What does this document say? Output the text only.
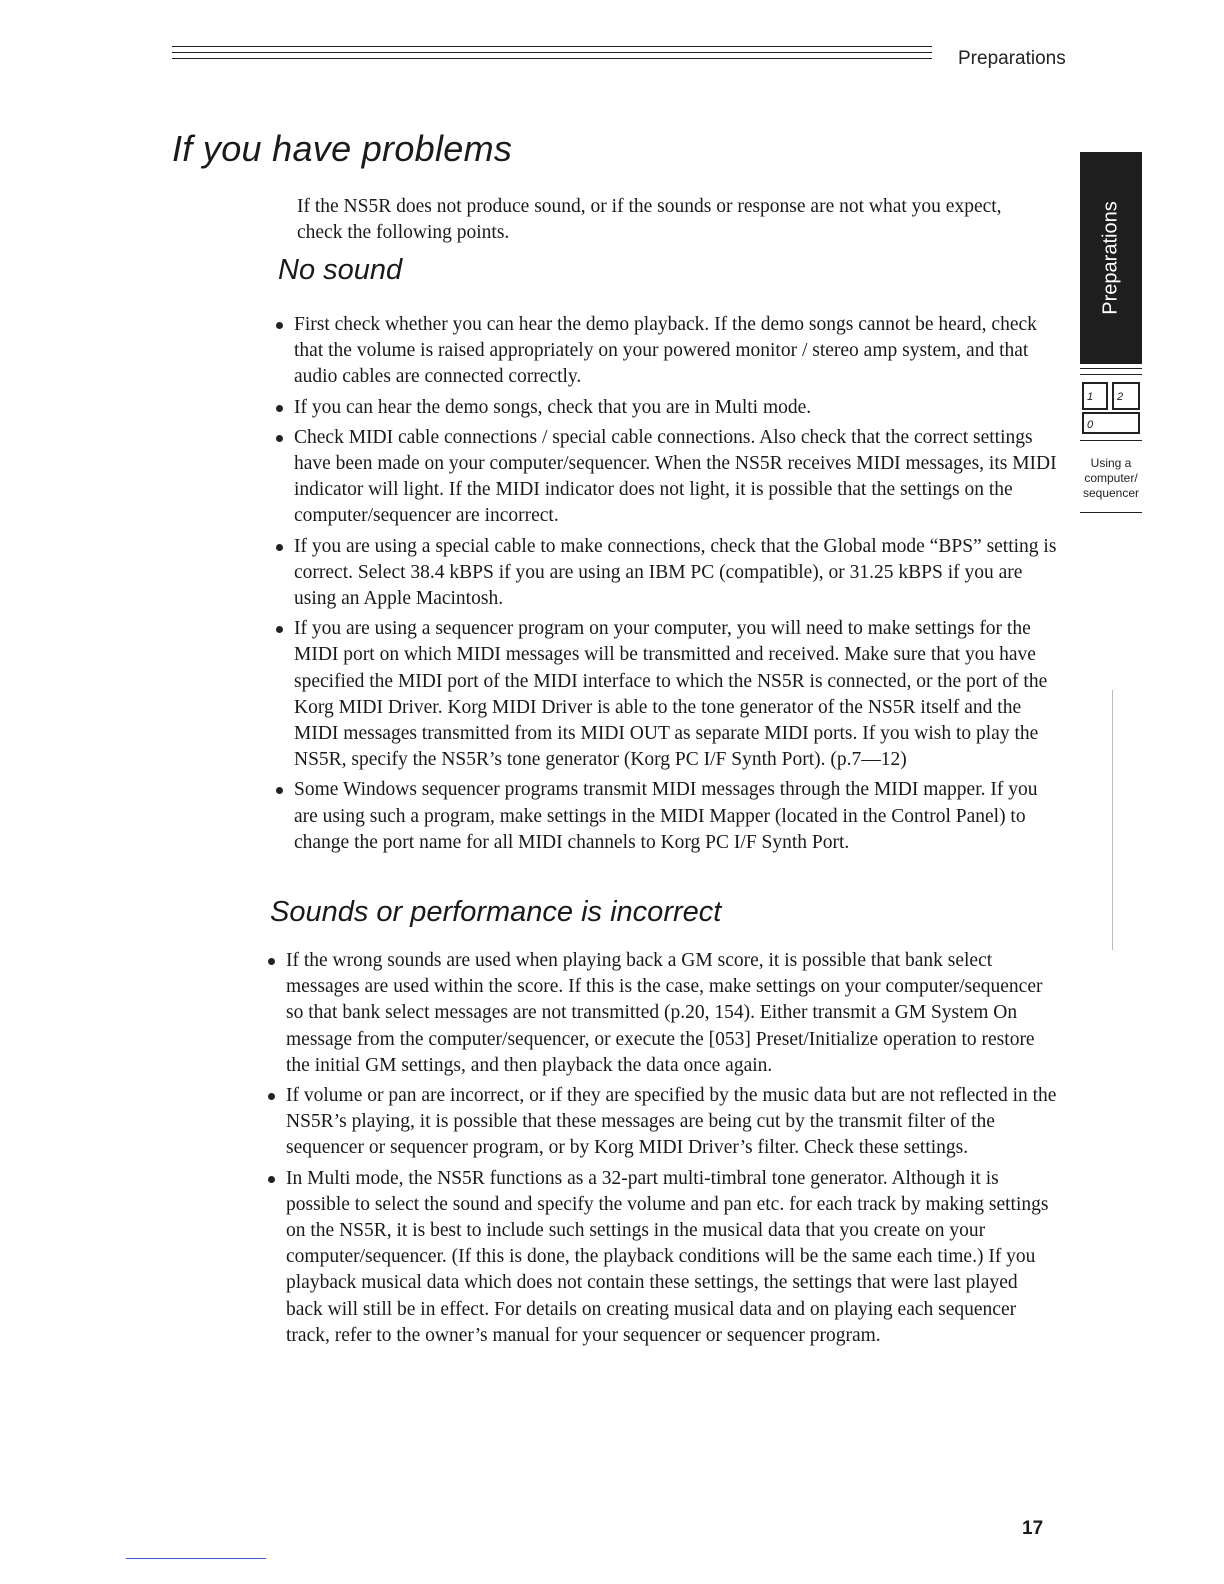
Preparations
If you have problems

If the NS5R does not produce sound, or if the sounds or response are not what you expect, check the following points.

No sound
First check whether you can hear the demo playback. If the demo songs cannot be heard, check that the volume is raised appropriately on your powered monitor / stereo amp system, and that audio cables are connected correctly.
If you can hear the demo songs, check that you are in Multi mode.
Check MIDI cable connections / special cable connections. Also check that the correct settings have been made on your computer/sequencer. When the NS5R receives MIDI messages, its MIDI indicator will light. If the MIDI indicator does not light, it is possible that the settings on the computer/sequencer are incorrect.
If you are using a special cable to make connections, check that the Global mode “BPS” setting is correct. Select 38.4 kBPS if you are using an IBM PC (compatible), or 31.25 kBPS if you are using an Apple Macintosh.
If you are using a sequencer program on your computer, you will need to make settings for the MIDI port on which MIDI messages will be transmitted and received. Make sure that you have specified the MIDI port of the MIDI interface to which the NS5R is connected, or the port of the Korg MIDI Driver. Korg MIDI Driver is able to the tone generator of the NS5R itself and the MIDI messages transmitted from its MIDI OUT as separate MIDI ports. If you wish to play the NS5R, specify the NS5R’s tone generator (Korg PC I/F Synth Port). (p.7—12)
Some Windows sequencer programs transmit MIDI messages through the MIDI mapper. If you are using such a program, make settings in the MIDI Mapper (located in the Control Panel) to change the port name for all MIDI channels to Korg PC I/F Synth Port.
Sounds or performance is incorrect
If the wrong sounds are used when playing back a GM score, it is possible that bank select messages are used within the score. If this is the case, make settings on your computer/sequencer so that bank select messages are not transmitted (p.20, 154). Either transmit a GM System On message from the computer/sequencer, or execute the [053] Preset/Initialize operation to restore the initial GM settings, and then playback the data once again.
If volume or pan are incorrect, or if they are specified by the music data but are not reflected in the NS5R’s playing, it is possible that these messages are being cut by the transmit filter of the sequencer or sequencer program, or by Korg MIDI Driver’s filter. Check these settings.
In Multi mode, the NS5R functions as a 32-part multi-timbral tone generator. Although it is possible to select the sound and specify the volume and pan etc. for each track by making settings on the NS5R, it is best to include such settings in the musical data that you create on your computer/sequencer. (If this is done, the playback conditions will be the same each time.) If you playback musical data which does not contain these settings, the settings that were last played back will still be in effect. For details on creating musical data and on playing each sequencer track, refer to the owner’s manual for your sequencer or sequencer program.
Preparations
1	2
0
Using a
computer/
sequencer
17
